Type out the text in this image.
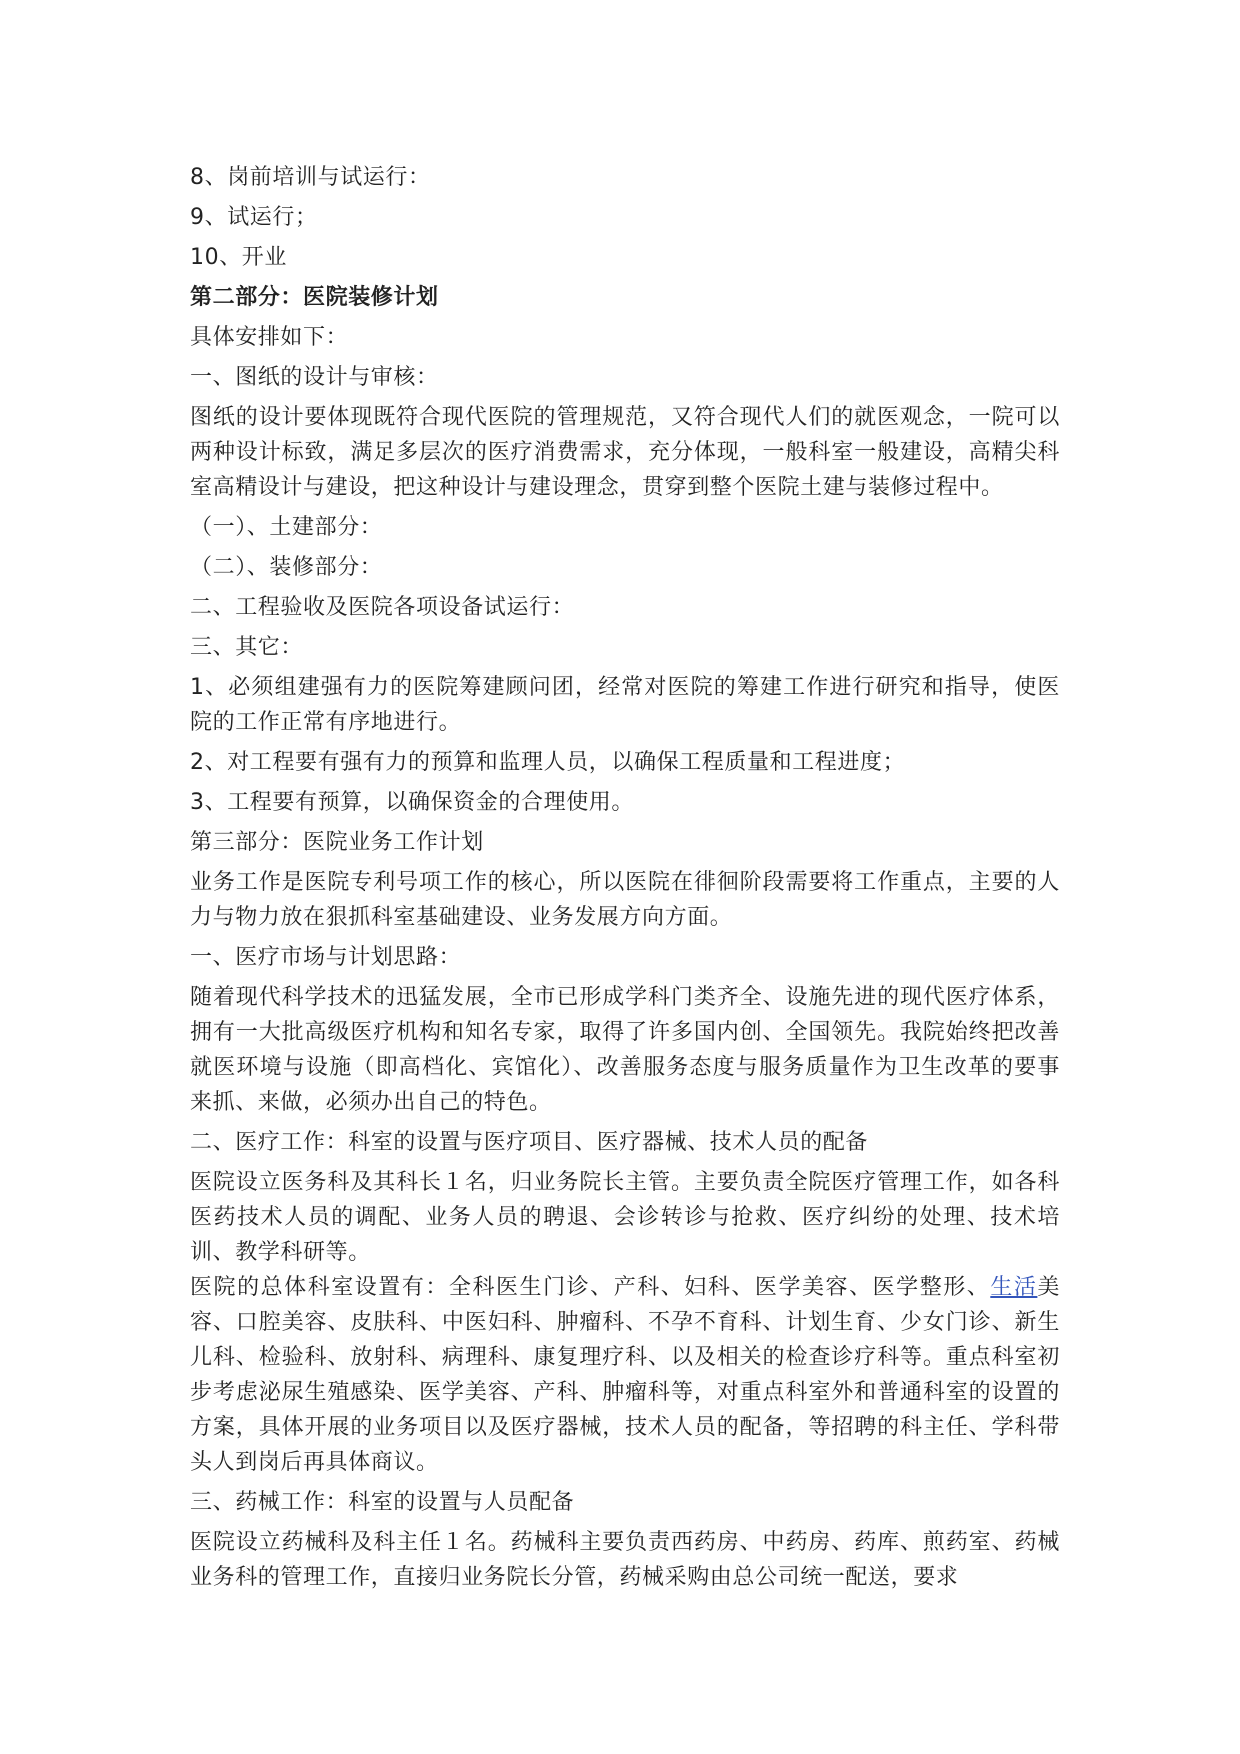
8、岗前培训与试运行：

9、试运行；

10、开业

第二部分：医院装修计划

具体安排如下：

一、图纸的设计与审核：

图纸的设计要体现既符合现代医院的管理规范，又符合现代人们的就医观念，一院可以两种设计标致，满足多层次的医疗消费需求，充分体现，一般科室一般建设，高精尖科室高精设计与建设，把这种设计与建设理念，贯穿到整个医院土建与装修过程中。

（一）、土建部分：

（二）、装修部分：

二、工程验收及医院各项设备试运行：

三、其它：

1、必须组建强有力的医院筹建顾问团，经常对医院的筹建工作进行研究和指导，使医院的工作正常有序地进行。

2、对工程要有强有力的预算和监理人员，以确保工程质量和工程进度；

3、工程要有预算，以确保资金的合理使用。

第三部分：医院业务工作计划

业务工作是医院专利号项工作的核心，所以医院在徘徊阶段需要将工作重点，主要的人力与物力放在狠抓科室基础建设、业务发展方向方面。

一、医疗市场与计划思路：

随着现代科学技术的迅猛发展，全市已形成学科门类齐全、设施先进的现代医疗体系，拥有一大批高级医疗机构和知名专家，取得了许多国内创、全国领先。我院始终把改善就医环境与设施（即高档化、宾馆化）、改善服务态度与服务质量作为卫生改革的要事来抓、来做，必须办出自己的特色。

二、医疗工作：科室的设置与医疗项目、医疗器械、技术人员的配备

医院设立医务科及其科长１名，归业务院长主管。主要负责全院医疗管理工作，如各科医药技术人员的调配、业务人员的聘退、会诊转诊与抢救、医疗纠纷的处理、技术培训、教学科研等。

医院的总体科室设置有：全科医生门诊、产科、妇科、医学美容、医学整形、生活美容、口腔美容、皮肤科、中医妇科、肿瘤科、不孕不育科、计划生育、少女门诊、新生儿科、检验科、放射科、病理科、康复理疗科、以及相关的检查诊疗科等。重点科室初步考虑泌尿生殖感染、医学美容、产科、肿瘤科等，对重点科室外和普通科室的设置的方案，具体开展的业务项目以及医疗器械，技术人员的配备，等招聘的科主任、学科带头人到岗后再具体商议。

三、药械工作：科室的设置与人员配备

医院设立药械科及科主任１名。药械科主要负责西药房、中药房、药库、煎药室、药械业务科的管理工作，直接归业务院长分管，药械采购由总公司统一配送，要求
